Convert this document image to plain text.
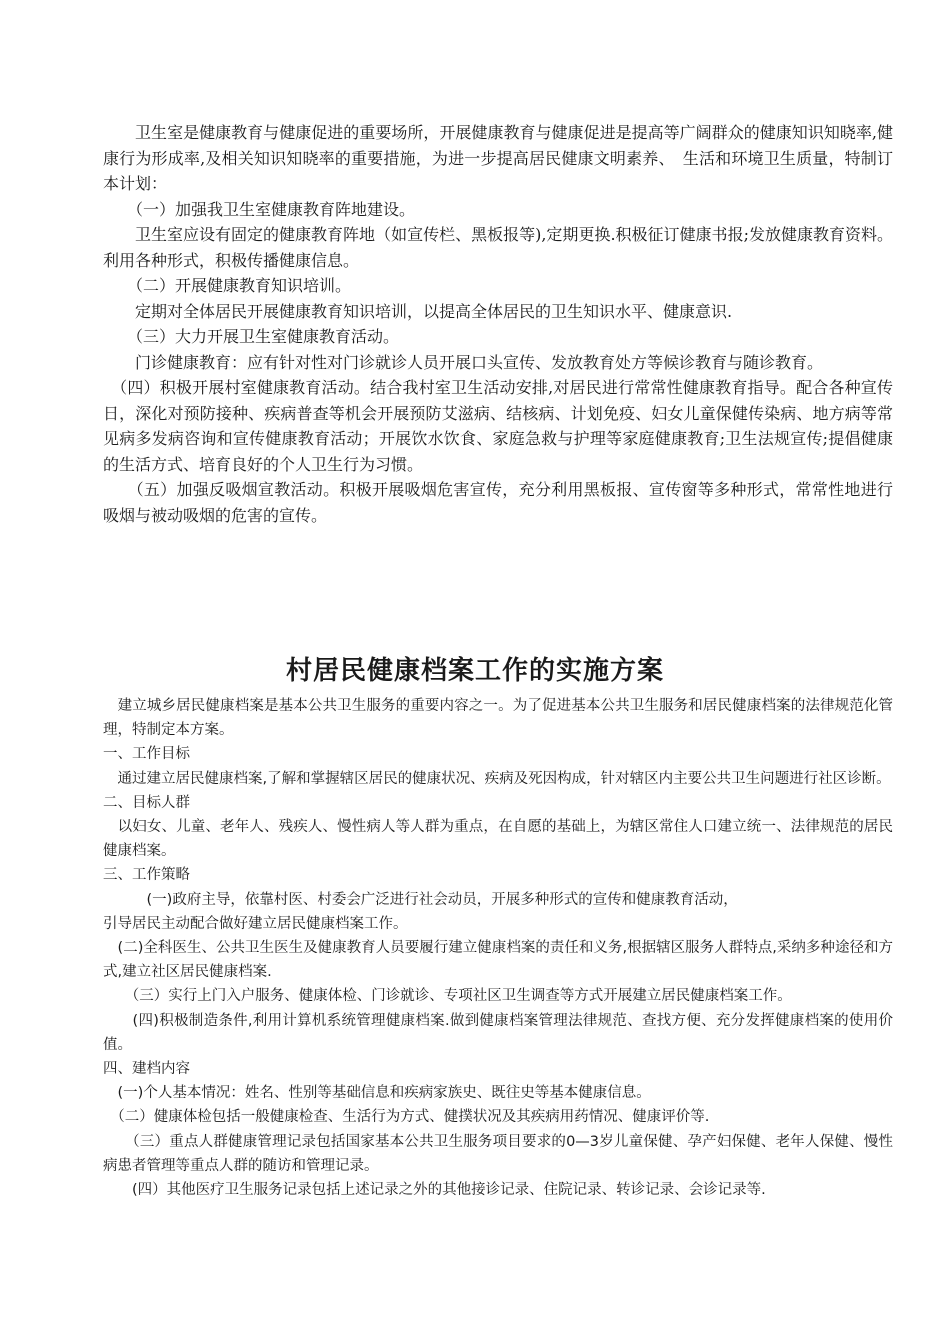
　　卫生室是健康教育与健康促进的重要场所，开展健康教育与健康促进是提高等广阔群众的健康知识知晓率,健康行为形成率,及相关知识知晓率的重要措施，为进一步提高居民健康文明素养、　生活和环境卫生质量，特制订本计划：

　　（一）加强我卫生室健康教育阵地建设。

　　卫生室应设有固定的健康教育阵地（如宣传栏、黑板报等),定期更换.积极征订健康书报;发放健康教育资料。利用各种形式，积极传播健康信息。

　　（二）开展健康教育知识培训。

　　定期对全体居民开展健康教育知识培训，以提高全体居民的卫生知识水平、健康意识.

　　（三）大力开展卫生室健康教育活动。

　　门诊健康教育：应有针对性对门诊就诊人员开展口头宣传、发放教育处方等候诊教育与随诊教育。

　（四）积极开展村室健康教育活动。结合我村室卫生活动安排,对居民进行常常性健康教育指导。配合各种宣传日，深化对预防接种、疾病普查等机会开展预防艾滋病、结核病、计划免疫、妇女儿童保健传染病、地方病等常见病多发病咨询和宣传健康教育活动；开展饮水饮食、家庭急救与护理等家庭健康教育;卫生法规宣传;提倡健康的生活方式、培育良好的个人卫生行为习惯。

　　（五）加强反吸烟宣教活动。积极开展吸烟危害宣传，充分利用黑板报、宣传窗等多种形式，常常性地进行吸烟与被动吸烟的危害的宣传。

村居民健康档案工作的实施方案

　建立城乡居民健康档案是基本公共卫生服务的重要内容之一。为了促进基本公共卫生服务和居民健康档案的法律规范化管理，特制定本方案。

一、工作目标

　通过建立居民健康档案,了解和掌握辖区居民的健康状况、疾病及死因构成，针对辖区内主要公共卫生问题进行社区诊断。

二、目标人群

　以妇女、儿童、老年人、残疾人、慢性病人等人群为重点，在自愿的基础上，为辖区常住人口建立统一、法律规范的居民健康档案。

三、工作策略

　　　(一)政府主导，依靠村医、村委会广泛进行社会动员，开展多种形式的宣传和健康教育活动，

引导居民主动配合做好建立居民健康档案工作。

　(二)全科医生、公共卫生医生及健康教育人员要履行建立健康档案的责任和义务,根据辖区服务人群特点,采纳多种途径和方式,建立社区居民健康档案.

　　（三）实行上门入户服务、健康体检、门诊就诊、专项社区卫生调查等方式开展建立居民健康档案工作。

　　(四)积极制造条件,利用计算机系统管理健康档案.做到健康档案管理法律规范、查找方便、充分发挥健康档案的使用价值。

四、建档内容

　(一)个人基本情况：姓名、性别等基础信息和疾病家族史、既往史等基本健康信息。

　（二）健康体检包括一般健康检查、生活行为方式、健撲状况及其疾病用药情况、健康评价等.

　　（三）重点人群健康管理记录包括国家基本公共卫生服务项目要求的0—3岁儿童保健、孕产妇保健、老年人保健、慢性病患者管理等重点人群的随访和管理记录。

　　(四）其他医疗卫生服务记录包括上述记录之外的其他接诊记录、住院记录、转诊记录、会诊记录等.
